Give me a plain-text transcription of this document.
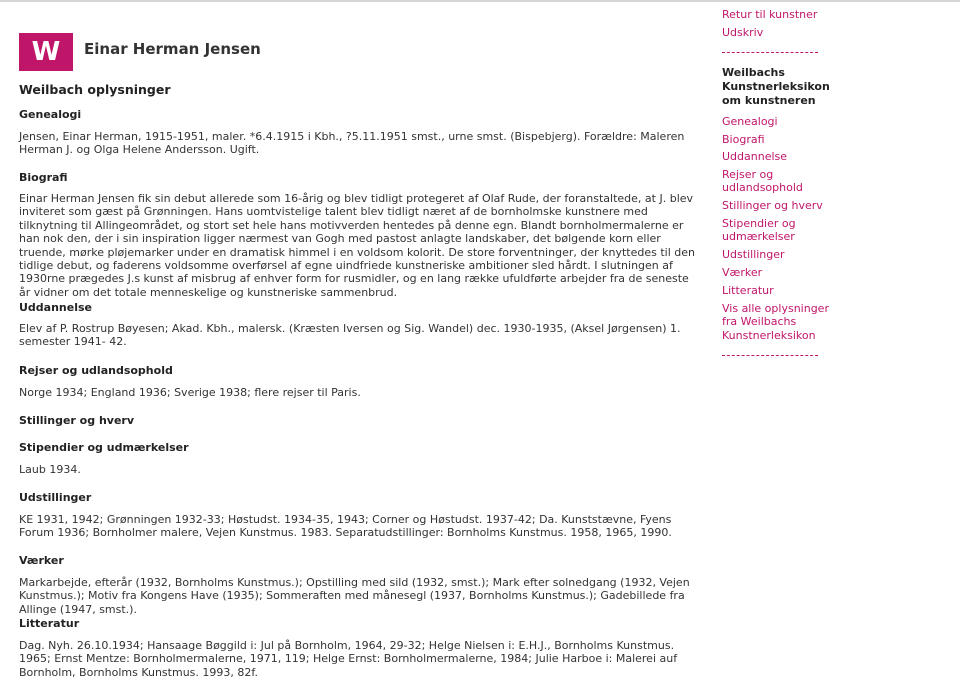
W Einar Herman Jensen
Weilbach oplysninger
Genealogi

Jensen, Einar Herman, 1915-1951, maler. *6.4.1915 i Kbh., ?5.11.1951 smst., urne smst. (Bispebjerg). Forældre: Maleren Herman J. og Olga Helene Andersson. Ugift.

Biografi

Einar Herman Jensen fik sin debut allerede som 16-årig og blev tidligt protegeret af Olaf Rude, der foranstaltede, at J. blev inviteret som gæst på Grønningen. Hans uomtvistelige talent blev tidligt næret af de bornholmske kunstnere med tilknytning til Allingeområdet, og stort set hele hans motivverden hentedes på denne egn. Blandt bornholmermalerne er han nok den, der i sin inspiration ligger nærmest van Gogh med pastost anlagte landskaber, det bølgende korn eller truende, mørke pløjemarker under en dramatisk himmel i en voldsom kolorit. De store forventninger, der knyttedes til den tidlige debut, og faderens voldsomme overførsel af egne uindfriede kunstneriske ambitioner sled hårdt. I slutningen af 1930rne prægedes J.s kunst af misbrug af enhver form for rusmidler, og en lang række ufuldførte arbejder fra de seneste år vidner om det totale menneskelige og kunstneriske sammenbrud.

Uddannelse

Elev af P. Rostrup Bøyesen; Akad. Kbh., malersk. (Kræsten Iversen og Sig. Wandel) dec. 1930-1935, (Aksel Jørgensen) 1. semester 1941- 42.

Rejser og udlandsophold

Norge 1934; England 1936; Sverige 1938; flere rejser til Paris.

Stillinger og hverv
Stipendier og udmærkelser

Laub 1934.

Udstillinger

KE 1931, 1942; Grønningen 1932-33; Høstudst. 1934-35, 1943; Corner og Høstudst. 1937-42; Da. Kunststævne, Fyens Forum 1936; Bornholmer malere, Vejen Kunstmus. 1983. Separatudstillinger: Bornholms Kunstmus. 1958, 1965, 1990.

Værker

Markarbejde, efterår (1932, Bornholms Kunstmus.); Opstilling med sild (1932, smst.); Mark efter solnedgang (1932, Vejen Kunstmus.); Motiv fra Kongens Have (1935); Sommeraften med månesegl (1937, Bornholms Kunstmus.); Gadebillede fra Allinge (1947, smst.).

Litteratur

Dag. Nyh. 26.10.1934; Hansaage Bøggild i: Jul på Bornholm, 1964, 29-32; Helge Nielsen i: E.H.J., Bornholms Kunstmus. 1965; Ernst Mentze: Bornholmermalerne, 1971, 119; Helge Ernst: Bornholmermalerne, 1984; Julie Harboe i: Malerei auf Bornholm, Bornholms Kunstmus. 1993, 82f.

Retur til kunstner
Udskriv
Weilbachs Kunstnerleksikon om kunstneren
Genealogi
Biografi
Uddannelse
Rejser og udlandsophold
Stillinger og hverv
Stipendier og udmærkelser
Udstillinger
Værker
Litteratur
Vis alle oplysninger fra Weilbachs Kunstnerleksikon
